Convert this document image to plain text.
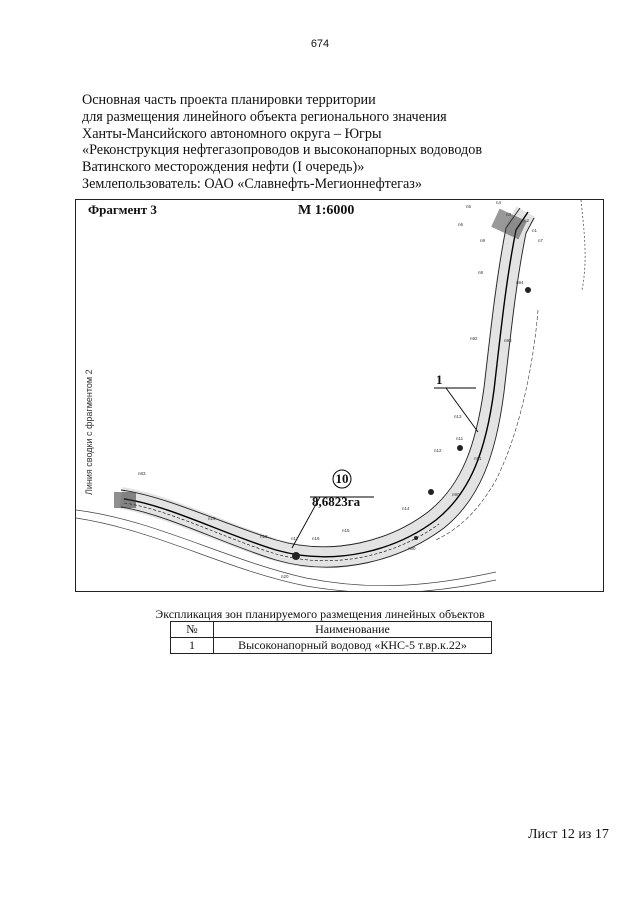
674
Основная часть проекта планировки территории
для размещения линейного объекта регионального значения
Ханты-Мансийского автономного округа – Югры
«Реконструкция нефтегазопроводов и высоконапорных водоводов
Ватинского месторождения нефти (I очередь)»
Землепользователь: ОАО «Славнефть-Мегионнефтегаз»
n5
n4
n3
n2
n1
n7
n6
n9
n8
n94
n93
n92
n91
n90
n13
n12
n11
n80
n14
n15
n16
n17
n18
n19
n20
n83
Фрагмент 3	М 1:6000
Линия сводки с фрагментом 2	1
10
8,6823га
Экспликация зон планируемого размещения линейных объектов
№	Наименование
1	Высоконапорный водовод «КНС-5 т.вр.к.22»
Лист 12 из 17
